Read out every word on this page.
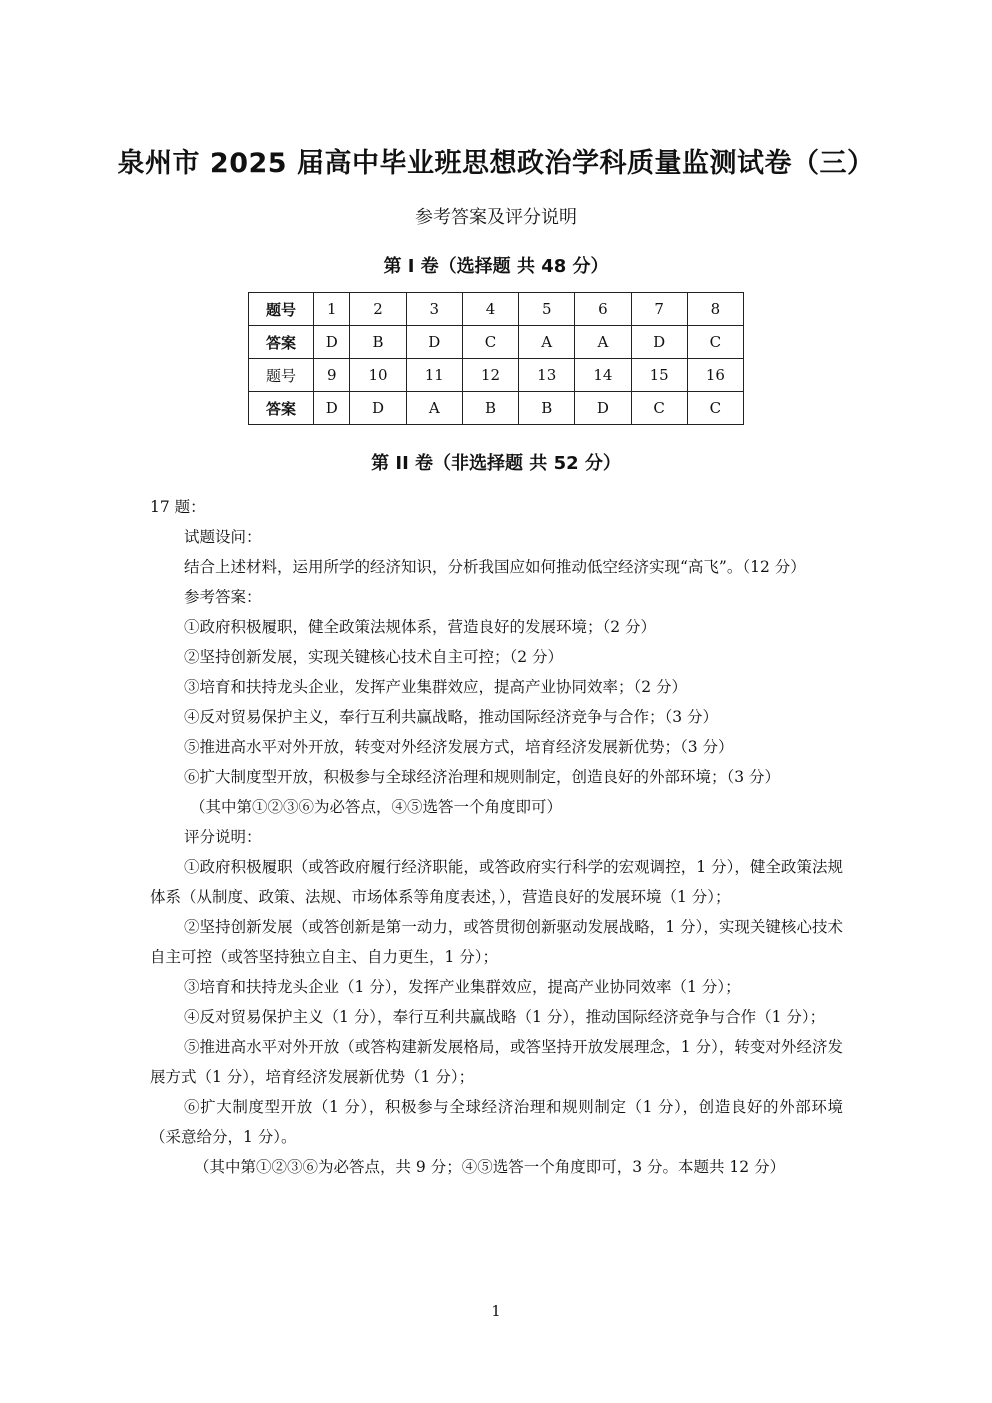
泉州市 2025 届高中毕业班思想政治学科质量监测试卷（三）
参考答案及评分说明
第 I 卷（选择题 共 48 分）
题号	1	2	3	4	5	6	7	8
答案	D	B	D	C	A	A	D	C
题号	9	10	11	12	13	14	15	16
答案	D	D	A	B	B	D	C	C
第 II 卷（非选择题 共 52 分）

17 题：

试题设问：

结合上述材料，运用所学的经济知识，分析我国应如何推动低空经济实现“高飞”。（12 分）

参考答案：

①政府积极履职，健全政策法规体系，营造良好的发展环境；（2 分）

②坚持创新发展，实现关键核心技术自主可控；（2 分）

③培育和扶持龙头企业，发挥产业集群效应，提高产业协同效率；（2 分）

④反对贸易保护主义，奉行互利共赢战略，推动国际经济竞争与合作；（3 分）

⑤推进高水平对外开放，转变对外经济发展方式，培育经济发展新优势；（3 分）

⑥扩大制度型开放，积极参与全球经济治理和规则制定，创造良好的外部环境；（3 分）

（其中第①②③⑥为必答点，④⑤选答一个角度即可）

评分说明：

①政府积极履职（或答政府履行经济职能，或答政府实行科学的宏观调控，1 分），健全政策法规体系（从制度、政策、法规、市场体系等角度表述，），营造良好的发展环境（1 分）；

②坚持创新发展（或答创新是第一动力，或答贯彻创新驱动发展战略，1 分），实现关键核心技术自主可控（或答坚持独立自主、自力更生，1 分）；

③培育和扶持龙头企业（1 分），发挥产业集群效应，提高产业协同效率（1 分）；

④反对贸易保护主义（1 分），奉行互利共赢战略（1 分），推动国际经济竞争与合作（1 分）；

⑤推进高水平对外开放（或答构建新发展格局，或答坚持开放发展理念，1 分），转变对外经济发展方式（1 分），培育经济发展新优势（1 分）；

⑥扩大制度型开放（1 分），积极参与全球经济治理和规则制定（1 分），创造良好的外部环境（采意给分，1 分）。

（其中第①②③⑥为必答点，共 9 分；④⑤选答一个角度即可，3 分。本题共 12 分）

1
